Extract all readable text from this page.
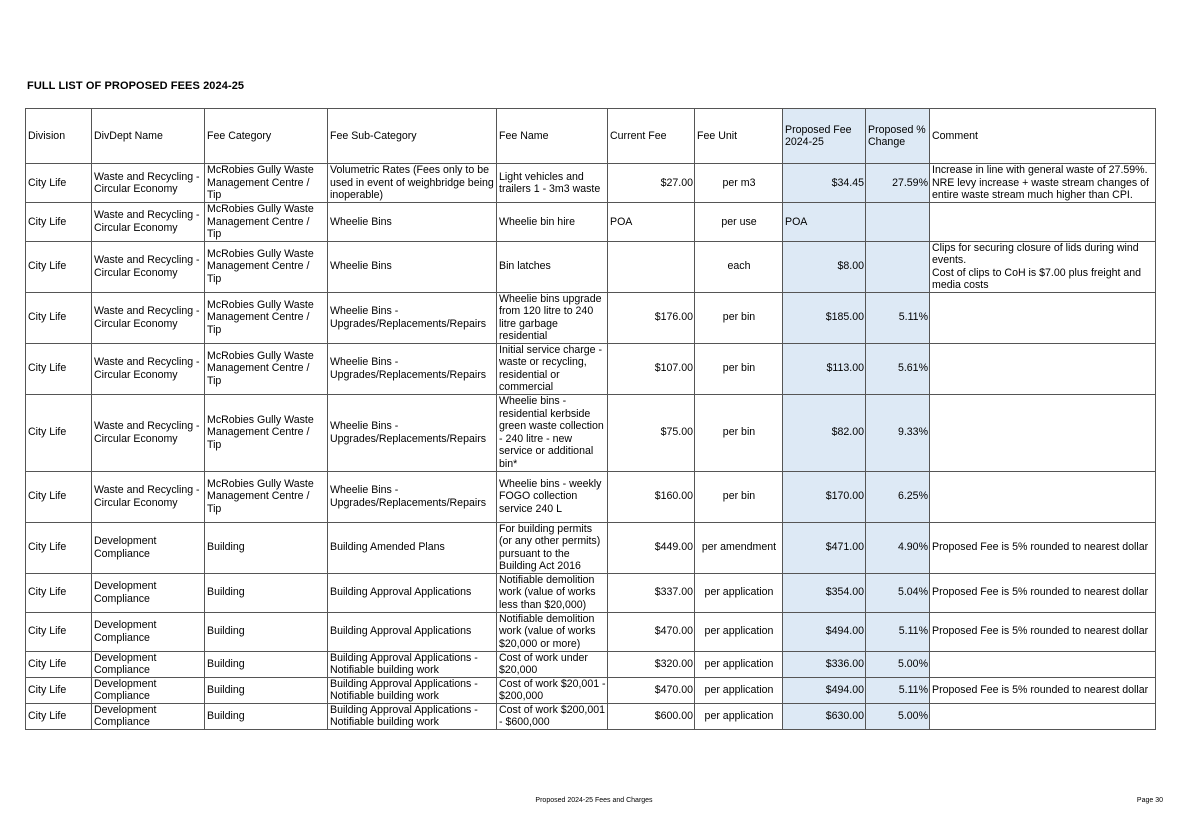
FULL LIST OF PROPOSED FEES 2024-25
Division	DivDept Name	Fee Category	Fee Sub-Category	Fee Name	Current Fee	Fee Unit	Proposed Fee 2024-25	Proposed % Change	Comment
City Life	Waste and Recycling - Circular Economy	McRobies Gully Waste Management Centre / Tip	Volumetric Rates (Fees only to be used in event of weighbridge being inoperable)	Light vehicles and trailers 1 - 3m3 waste	$27.00	per m3	$34.45	27.59%	Increase in line with general waste of 27.59%. NRE levy increase + waste stream changes of entire waste stream much higher than CPI.
City Life	Waste and Recycling - Circular Economy	McRobies Gully Waste Management Centre / Tip	Wheelie Bins	Wheelie bin hire	POA	per use	POA		
City Life	Waste and Recycling - Circular Economy	McRobies Gully Waste Management Centre / Tip	Wheelie Bins	Bin latches		each	$8.00		Clips for securing closure of lids during wind events.
Cost of clips to CoH is $7.00 plus freight and media costs
City Life	Waste and Recycling - Circular Economy	McRobies Gully Waste Management Centre / Tip	Wheelie Bins - Upgrades/Replacements/Repairs	Wheelie bins upgrade from 120 litre to 240 litre garbage residential	$176.00	per bin	$185.00	5.11%	
City Life	Waste and Recycling - Circular Economy	McRobies Gully Waste Management Centre / Tip	Wheelie Bins - Upgrades/Replacements/Repairs	Initial service charge - waste or recycling, residential or commercial	$107.00	per bin	$113.00	5.61%	
City Life	Waste and Recycling - Circular Economy	McRobies Gully Waste Management Centre / Tip	Wheelie Bins - Upgrades/Replacements/Repairs	Wheelie bins - residential kerbside green waste collection - 240 litre - new service or additional bin*	$75.00	per bin	$82.00	9.33%	
City Life	Waste and Recycling - Circular Economy	McRobies Gully Waste Management Centre / Tip	Wheelie Bins - Upgrades/Replacements/Repairs	Wheelie bins - weekly FOGO collection service 240 L	$160.00	per bin	$170.00	6.25%	
City Life	Development Compliance	Building	Building Amended Plans	For building permits (or any other permits) pursuant to the Building Act 2016	$449.00	per amendment	$471.00	4.90%	Proposed Fee is 5% rounded to nearest dollar
City Life	Development Compliance	Building	Building Approval Applications	Notifiable demolition work (value of works less than $20,000)	$337.00	per application	$354.00	5.04%	Proposed Fee is 5% rounded to nearest dollar
City Life	Development Compliance	Building	Building Approval Applications	Notifiable demolition work (value of works $20,000 or more)	$470.00	per application	$494.00	5.11%	Proposed Fee is 5% rounded to nearest dollar
City Life	Development Compliance	Building	Building Approval Applications - Notifiable building work	Cost of work under $20,000	$320.00	per application	$336.00	5.00%	
City Life	Development Compliance	Building	Building Approval Applications - Notifiable building work	Cost of work $20,001 - $200,000	$470.00	per application	$494.00	5.11%	Proposed Fee is 5% rounded to nearest dollar
City Life	Development Compliance	Building	Building Approval Applications - Notifiable building work	Cost of work $200,001 - $600,000	$600.00	per application	$630.00	5.00%	
Proposed 2024-25 Fees and Charges	Page 30
